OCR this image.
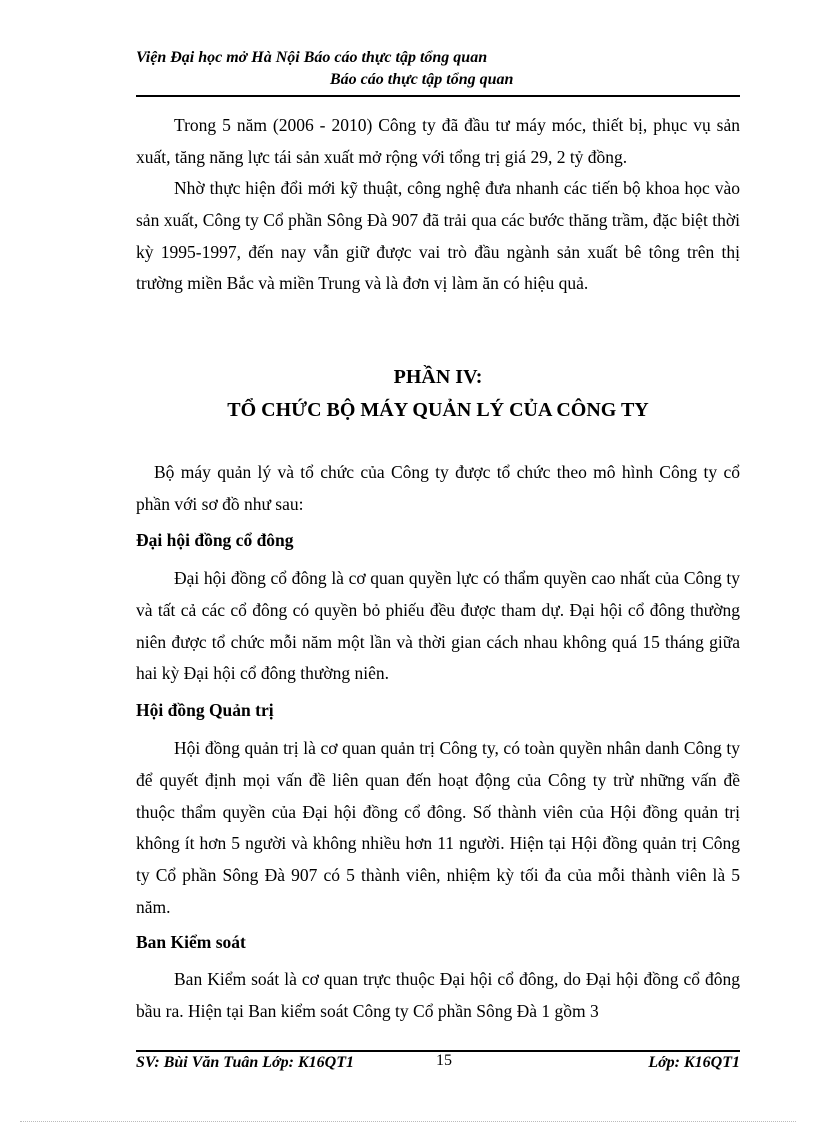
Viện Đại học mở Hà Nội Báo cáo thực tập tổng quan
Báo cáo thực tập tổng quan
Trong 5 năm (2006 - 2010) Công ty đã đầu tư máy móc, thiết bị, phục vụ sản xuất, tăng năng lực tái sản xuất mở rộng với tổng trị giá 29, 2 tỷ đồng.
Nhờ thực hiện đổi mới kỹ thuật, công nghệ đưa nhanh các tiến bộ khoa học vào sản xuất, Công ty Cổ phần Sông Đà 907 đã trải qua các bước thăng trầm, đặc biệt thời kỳ 1995-1997, đến nay vẫn giữ được vai trò đầu ngành sản xuất bê tông trên thị trường miền Bắc và miền Trung và là đơn vị làm ăn có hiệu quả.
PHẦN IV:
TỔ CHỨC BỘ MÁY QUẢN LÝ CỦA CÔNG TY
Bộ máy quản lý và tổ chức của Công ty được tổ chức theo mô hình Công ty cổ phần với sơ đồ như sau:
Đại hội đồng cổ đông
Đại hội đồng cổ đông là cơ quan quyền lực có thẩm quyền cao nhất của Công ty và tất cả các cổ đông có quyền bỏ phiếu đều được tham dự. Đại hội cổ đông thường niên được tổ chức mỗi năm một lần và thời gian cách nhau không quá 15 tháng giữa hai kỳ Đại hội cổ đông thường niên.
Hội đồng Quản trị
Hội đồng quản trị là cơ quan quản trị Công ty, có toàn quyền nhân danh Công ty để quyết định mọi vấn đề liên quan đến hoạt động của Công ty trừ những vấn đề thuộc thẩm quyền của Đại hội đồng cổ đông. Số thành viên của Hội đồng quản trị không ít hơn 5 người và không nhiều hơn 11 người. Hiện tại Hội đồng quản trị Công ty Cổ phần Sông Đà 907 có 5 thành viên, nhiệm kỳ tối đa của mỗi thành viên là 5 năm.
Ban Kiểm soát
Ban Kiểm soát là cơ quan trực thuộc Đại hội cổ đông, do Đại hội đồng cổ đông bầu ra. Hiện tại Ban kiểm soát Công ty Cổ phần Sông Đà 1 gồm 3
SV: Bùi Văn Tuân Lớp: K16QT1	15	Lớp: K16QT1
